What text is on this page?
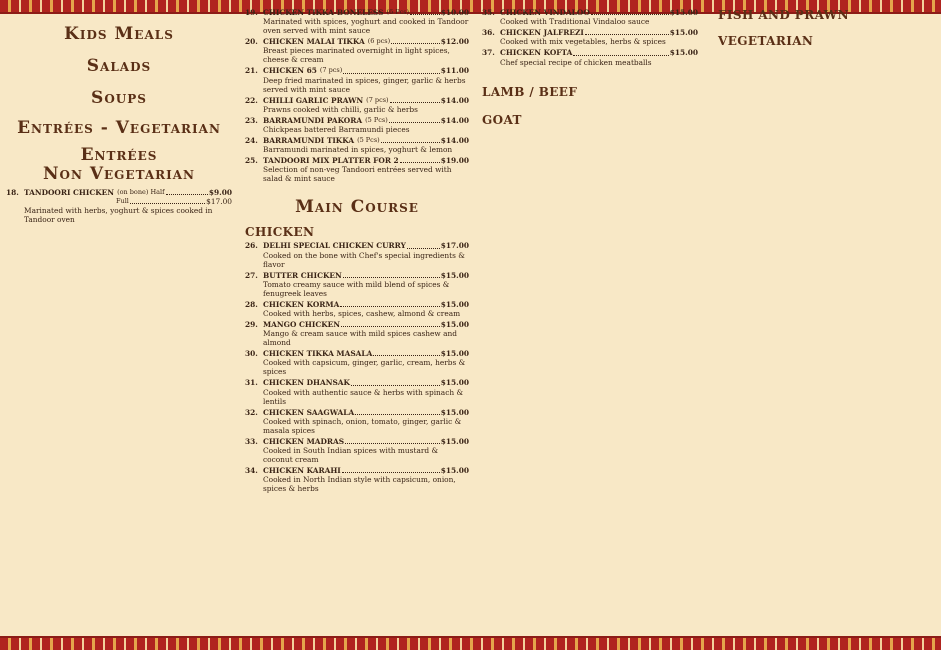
Kids Meals
Salads
Soups
Entrées - Vegetarian
Entrées
Non Vegetarian
18. TANDOORI CHICKEN (on bone) Half	$9.00
Full	$17.00
Marinated with herbs, yoghurt & spices cooked in Tandoor oven
19. CHICKEN TIKKA-BONELESS (6 Pcs)	$10.00
Marinated with spices, yoghurt and cooked in Tandoor oven served with mint sauce
20. CHICKEN MALAI TIKKA (6 pcs)	$12.00
Breast pieces marinated overnight in light spices, cheese & cream
21. CHICKEN 65 (7 pcs)	$11.00
Deep fried marinated in spices, ginger, garlic & herbs served with mint sauce
22. CHILLI GARLIC PRAWN (7 pcs)	$14.00
Prawns cooked with chilli, garlic & herbs
23. BARRAMUNDI PAKORA (5 Pcs)	$14.00
Chickpeas battered Barramundi pieces
24. BARRAMUNDI TIKKA (5 Pcs)	$14.00
Barramundi marinated in spices, yoghurt & lemon
25. TANDOORI MIX PLATTER FOR 2	$19.00
Selection of non-veg Tandoori entrées served with salad & mint sauce
Main Course
CHICKEN
26. DELHI SPECIAL CHICKEN CURRY	$17.00
Cooked on the bone with Chef's special ingredients & flavor
27. BUTTER CHICKEN	$15.00
Tomato creamy sauce with mild blend of spices & fenugreek leaves
28. CHICKEN KORMA	$15.00
Cooked with herbs, spices, cashew, almond & cream
29. MANGO CHICKEN	$15.00
Mango & cream sauce with mild spices cashew and almond
30. CHICKEN TIKKA MASALA	$15.00
Cooked with capsicum, ginger, garlic, cream, herbs & spices
31. CHICKEN DHANSAK	$15.00
Cooked with authentic sauce & herbs with spinach & lentils
32. CHICKEN SAAGWALA	$15.00
Cooked with spinach, onion, tomato, ginger, garlic & masala spices
33. CHICKEN MADRAS	$15.00
Cooked in South Indian spices with mustard & coconut cream
34. CHICKEN KARAHI	$15.00
Cooked in North Indian style with capsicum, onion, spices & herbs
35. CHICKEN VINDALOO	$15.00
Cooked with Traditional Vindaloo sauce
36. CHICKEN JALFREZI	$15.00
Cooked with mix vegetables, herbs & spices
37. CHICKEN KOFTA	$15.00
Chef special recipe of chicken meatballs
LAMB / BEEF
GOAT
FISH AND PRAWN
VEGETARIAN
